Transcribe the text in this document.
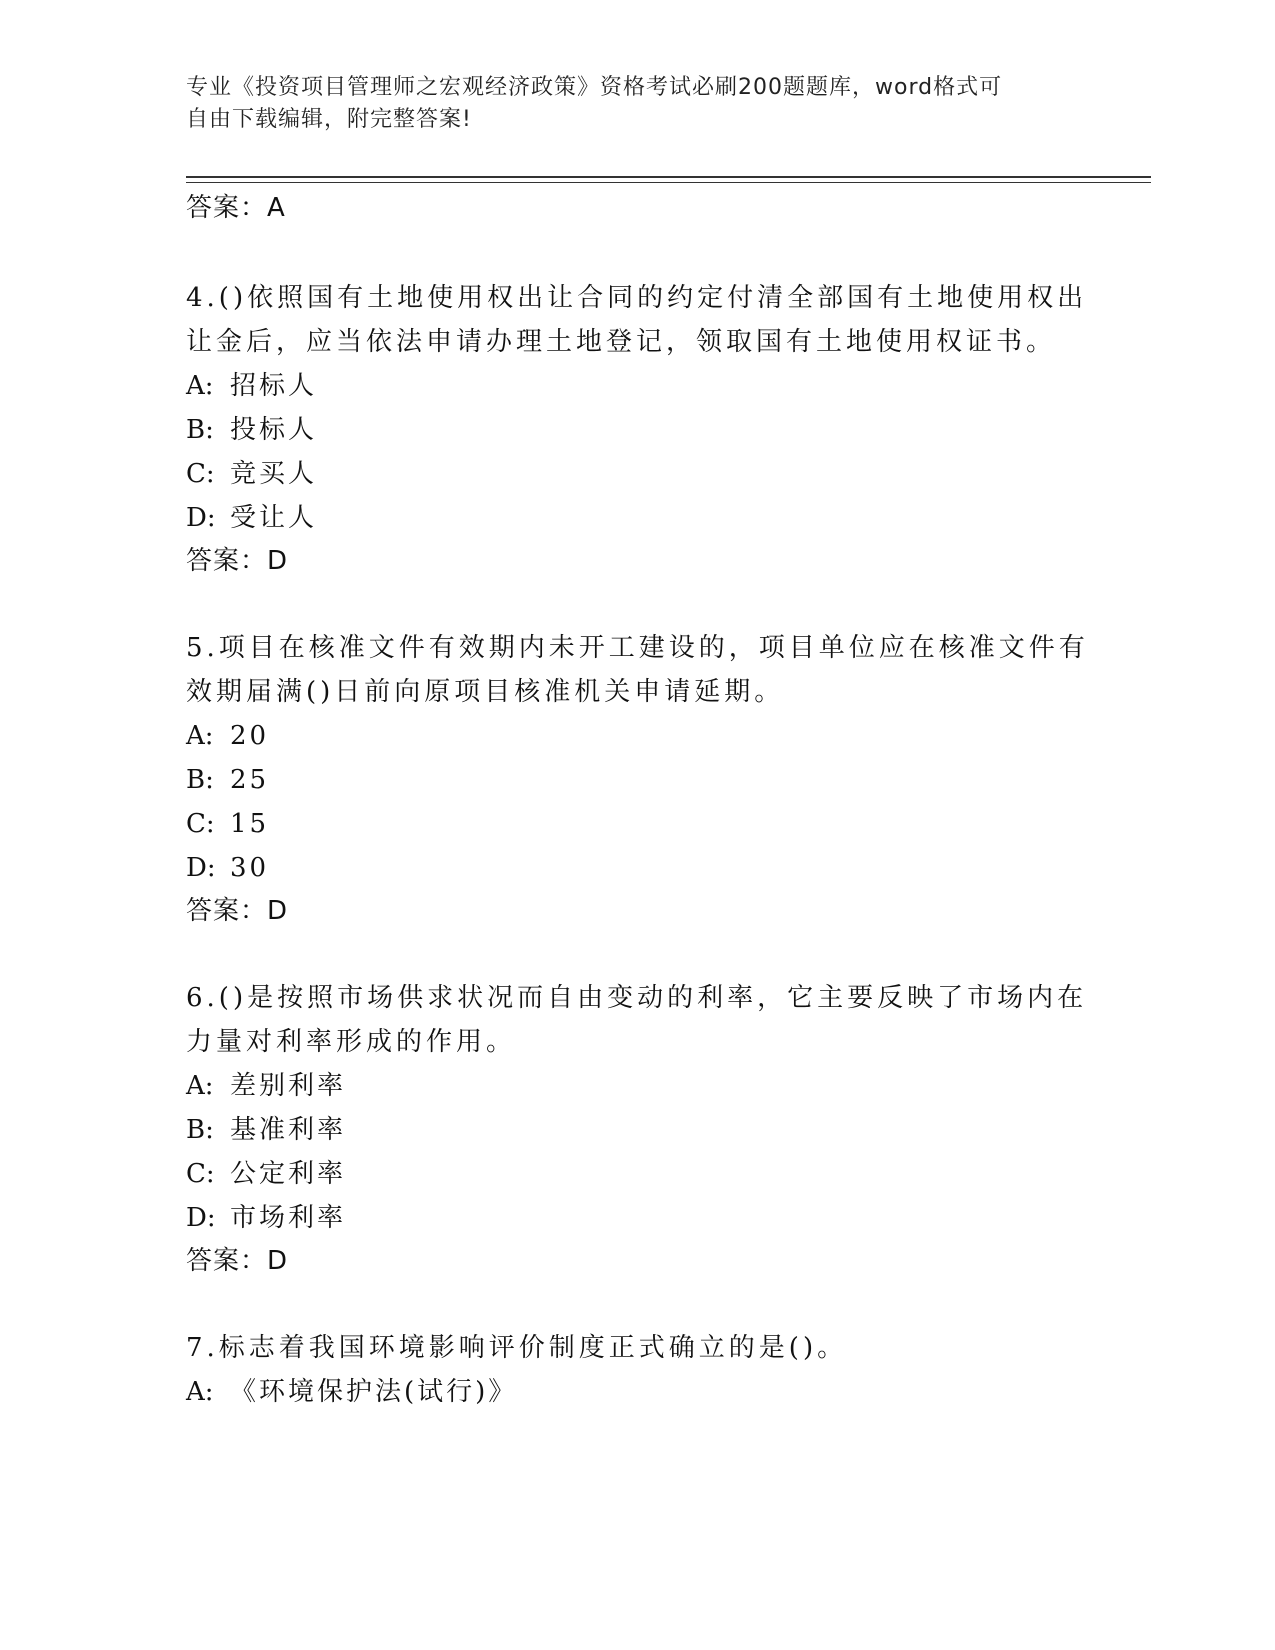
专业《投资项目管理师之宏观经济政策》资格考试必刷200题题库，word格式可
自由下载编辑，附完整答案!
答案：A
4.()依照国有土地使用权出让合同的约定付清全部国有土地使用权出
让金后，应当依法申请办理土地登记，领取国有土地使用权证书。
A: 招标人
B: 投标人
C: 竞买人
D: 受让人
答案：D
5.项目在核准文件有效期内未开工建设的，项目单位应在核准文件有
效期届满()日前向原项目核准机关申请延期。
A: 20
B: 25
C: 15
D: 30
答案：D
6.()是按照市场供求状况而自由变动的利率，它主要反映了市场内在
力量对利率形成的作用。
A: 差别利率
B: 基准利率
C: 公定利率
D: 市场利率
答案：D
7.标志着我国环境影响评价制度正式确立的是()。
A: 《环境保护法(试行)》
